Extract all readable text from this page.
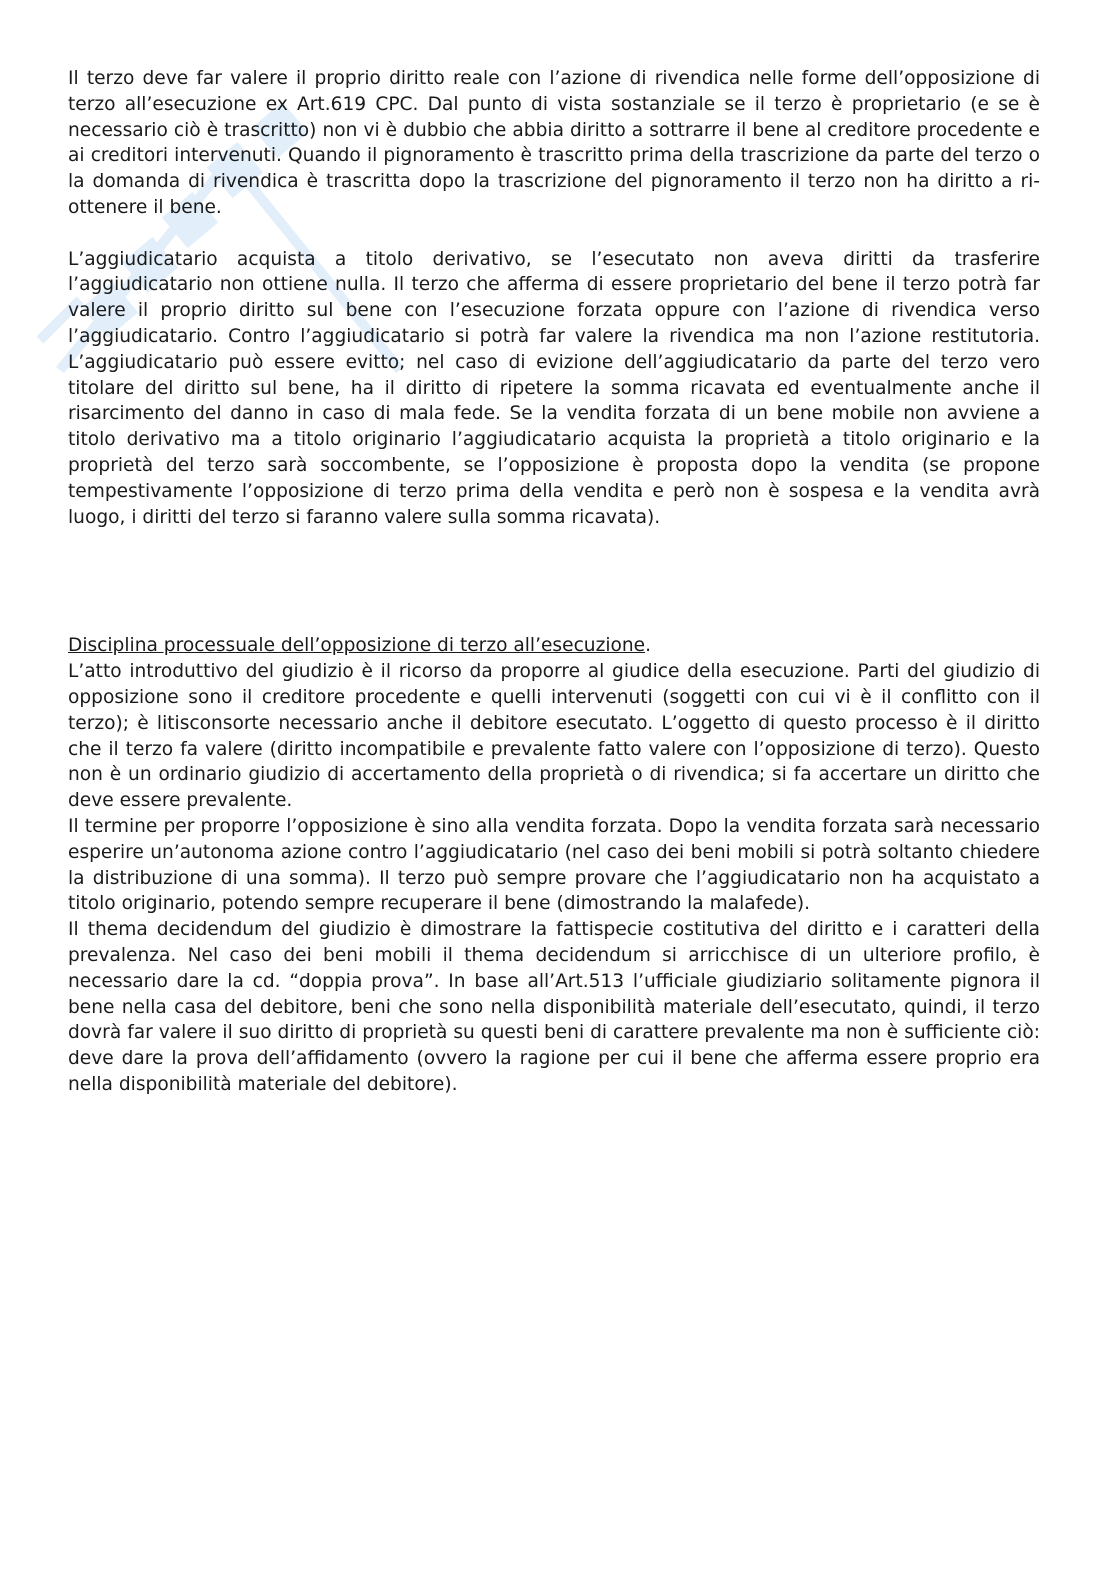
Il terzo deve far valere il proprio diritto reale con l’azione di rivendica nelle forme dell’opposizione di terzo all’esecuzione ex Art.619 CPC. Dal punto di vista sostanziale se il terzo è proprietario (e se è necessario ciò è trascritto) non vi è dubbio che abbia diritto a sottrarre il bene al creditore procedente e ai creditori intervenuti. Quando il pignoramento è trascritto prima della trascrizione da parte del terzo o la domanda di rivendica è trascritta dopo la trascrizione del pignoramento il terzo non ha diritto a ri-ottenere il bene.

L’aggiudicatario acquista a titolo derivativo, se l’esecutato non aveva diritti da trasferire l’aggiudicatario non ottiene nulla. Il terzo che afferma di essere proprietario del bene il terzo potrà far valere il proprio diritto sul bene con l’esecuzione forzata oppure con l’azione di rivendica verso l’aggiudicatario. Contro l’aggiudicatario si potrà far valere la rivendica ma non l’azione restitutoria. L’aggiudicatario può essere evitto; nel caso di evizione dell’aggiudicatario da parte del terzo vero titolare del diritto sul bene, ha il diritto di ripetere la somma ricavata ed eventualmente anche il risarcimento del danno in caso di mala fede. Se la vendita forzata di un bene mobile non avviene a titolo derivativo ma a titolo originario l’aggiudicatario acquista la proprietà a titolo originario e la proprietà del terzo sarà soccombente, se l’opposizione è proposta dopo la vendita (se propone tempestivamente l’opposizione di terzo prima della vendita e però non è sospesa e la vendita avrà luogo, i diritti del terzo si faranno valere sulla somma ricavata).

Disciplina processuale dell’opposizione di terzo all’esecuzione.

L’atto introduttivo del giudizio è il ricorso da proporre al giudice della esecuzione. Parti del giudizio di opposizione sono il creditore procedente e quelli intervenuti (soggetti con cui vi è il conflitto con il terzo); è litisconsorte necessario anche il debitore esecutato. L’oggetto di questo processo è il diritto che il terzo fa valere (diritto incompatibile e prevalente fatto valere con l’opposizione di terzo). Questo non è un ordinario giudizio di accertamento della proprietà o di rivendica; si fa accertare un diritto che deve essere prevalente.

Il termine per proporre l’opposizione è sino alla vendita forzata. Dopo la vendita forzata sarà necessario esperire un’autonoma azione contro l’aggiudicatario (nel caso dei beni mobili si potrà soltanto chiedere la distribuzione di una somma). Il terzo può sempre provare che l’aggiudicatario non ha acquistato a titolo originario, potendo sempre recuperare il bene (dimostrando la malafede).

Il thema decidendum del giudizio è dimostrare la fattispecie costitutiva del diritto e i caratteri della prevalenza. Nel caso dei beni mobili il thema decidendum si arricchisce di un ulteriore profilo, è necessario dare la cd. “doppia prova”. In base all’Art.513 l’ufficiale giudiziario solitamente pignora il bene nella casa del debitore, beni che sono nella disponibilità materiale dell’esecutato, quindi, il terzo dovrà far valere il suo diritto di proprietà su questi beni di carattere prevalente ma non è sufficiente ciò: deve dare la prova dell’affidamento (ovvero la ragione per cui il bene che afferma essere proprio era nella disponibilità materiale del debitore).
